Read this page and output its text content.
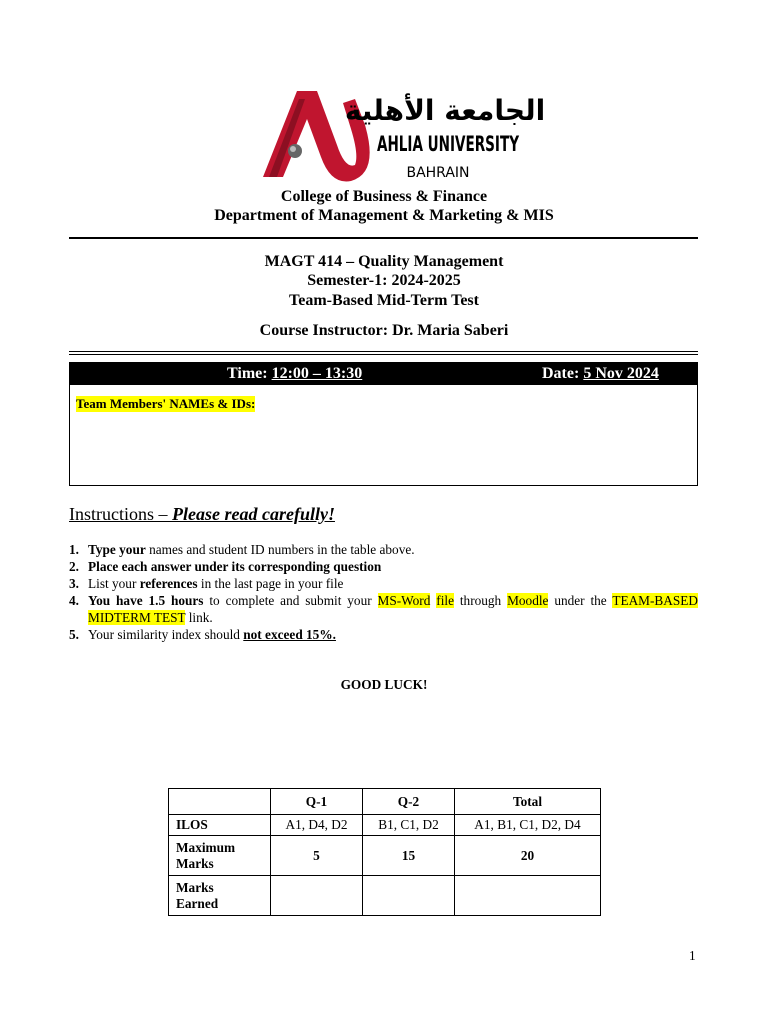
الجامعة الأهلية
AHLIA UNIVERSITY
BAHRAIN
College of Business & Finance
Department of Management & Marketing & MIS
MAGT 414 – Quality Management
Semester-1: 2024-2025
Team-Based Mid-Term Test
Course Instructor: Dr. Maria Saberi
Time: 12:00 – 13:30	Date: 5 Nov 2024
Team Members' NAMEs & IDs:
Instructions – Please read carefully!
1. Type your names and student ID numbers in the table above.
2. Place each answer under its corresponding question
3. List your references in the last page in your file
4. You have 1.5 hours to complete and submit your MS-Word file through Moodle under the TEAM-BASED MIDTERM TEST link.
5. Your similarity index should not exceed 15%.
GOOD LUCK!
	Q-1	Q-2	Total
ILOS	A1, D4, D2	B1, C1, D2	A1, B1, C1, D2, D4
Maximum
Marks	5	15	20
Marks
Earned			
1
